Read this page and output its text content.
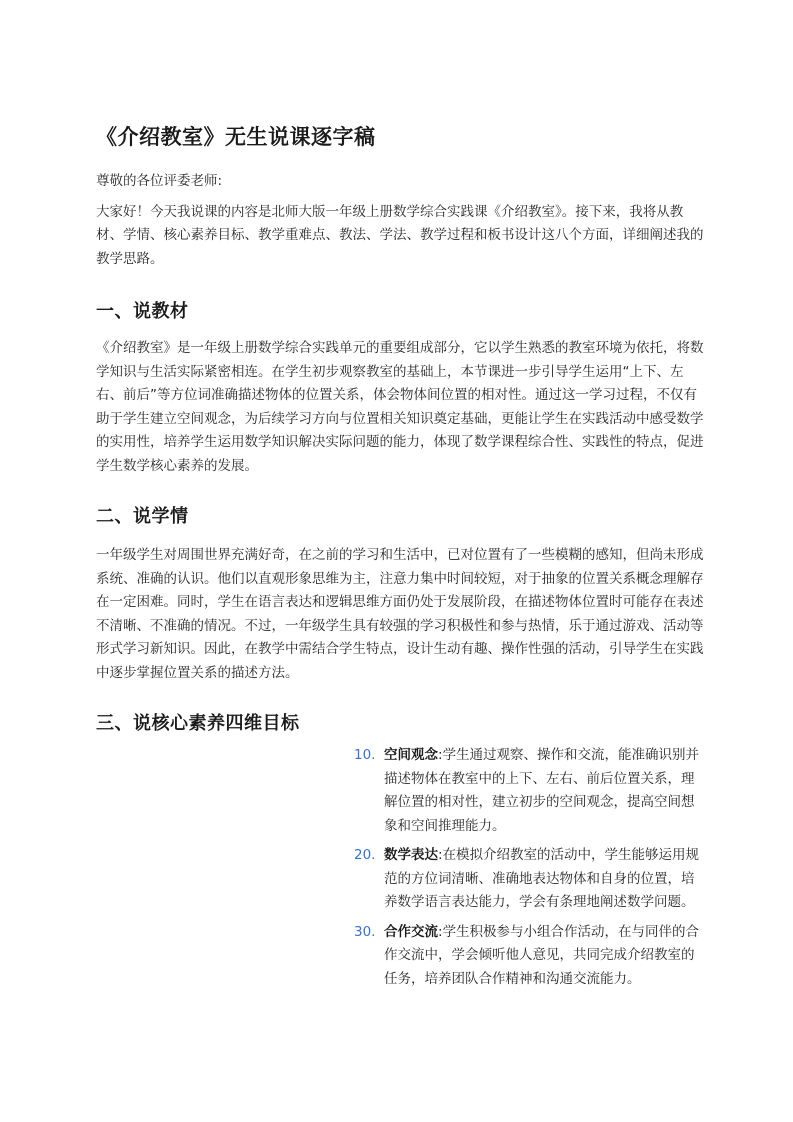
《介绍教室》无生说课逐字稿

尊敬的各位评委老师:

大家好！今天我说课的内容是北师大版一年级上册数学综合实践课《介绍教室》。接下来，我将从教材、学情、核心素养目标、教学重难点、教法、学法、教学过程和板书设计这八个方面，详细阐述我的教学思路。

一、说教材

《介绍教室》是一年级上册数学综合实践单元的重要组成部分，它以学生熟悉的教室环境为依托，将数学知识与生活实际紧密相连。在学生初步观察教室的基础上，本节课进一步引导学生运用“上下、左右、前后”等方位词准确描述物体的位置关系，体会物体间位置的相对性。通过这一学习过程，不仅有助于学生建立空间观念，为后续学习方向与位置相关知识奠定基础，更能让学生在实践活动中感受数学的实用性，培养学生运用数学知识解决实际问题的能力，体现了数学课程综合性、实践性的特点，促进学生数学核心素养的发展。

二、说学情

一年级学生对周围世界充满好奇，在之前的学习和生活中，已对位置有了一些模糊的感知，但尚未形成系统、准确的认识。他们以直观形象思维为主，注意力集中时间较短，对于抽象的位置关系概念理解存在一定困难。同时，学生在语言表达和逻辑思维方面仍处于发展阶段，在描述物体位置时可能存在表述不清晰、不准确的情况。不过，一年级学生具有较强的学习积极性和参与热情，乐于通过游戏、活动等形式学习新知识。因此，在教学中需结合学生特点，设计生动有趣、操作性强的活动，引导学生在实践中逐步掌握位置关系的描述方法。

三、说核心素养四维目标
10. 空间观念:学生通过观察、操作和交流，能准确识别并描述物体在教室中的上下、左右、前后位置关系，理解位置的相对性，建立初步的空间观念，提高空间想象和空间推理能力。
20. 数学表达:在模拟介绍教室的活动中，学生能够运用规范的方位词清晰、准确地表达物体和自身的位置，培养数学语言表达能力，学会有条理地阐述数学问题。
30. 合作交流:学生积极参与小组合作活动，在与同伴的合作交流中，学会倾听他人意见，共同完成介绍教室的任务，培养团队合作精神和沟通交流能力。
